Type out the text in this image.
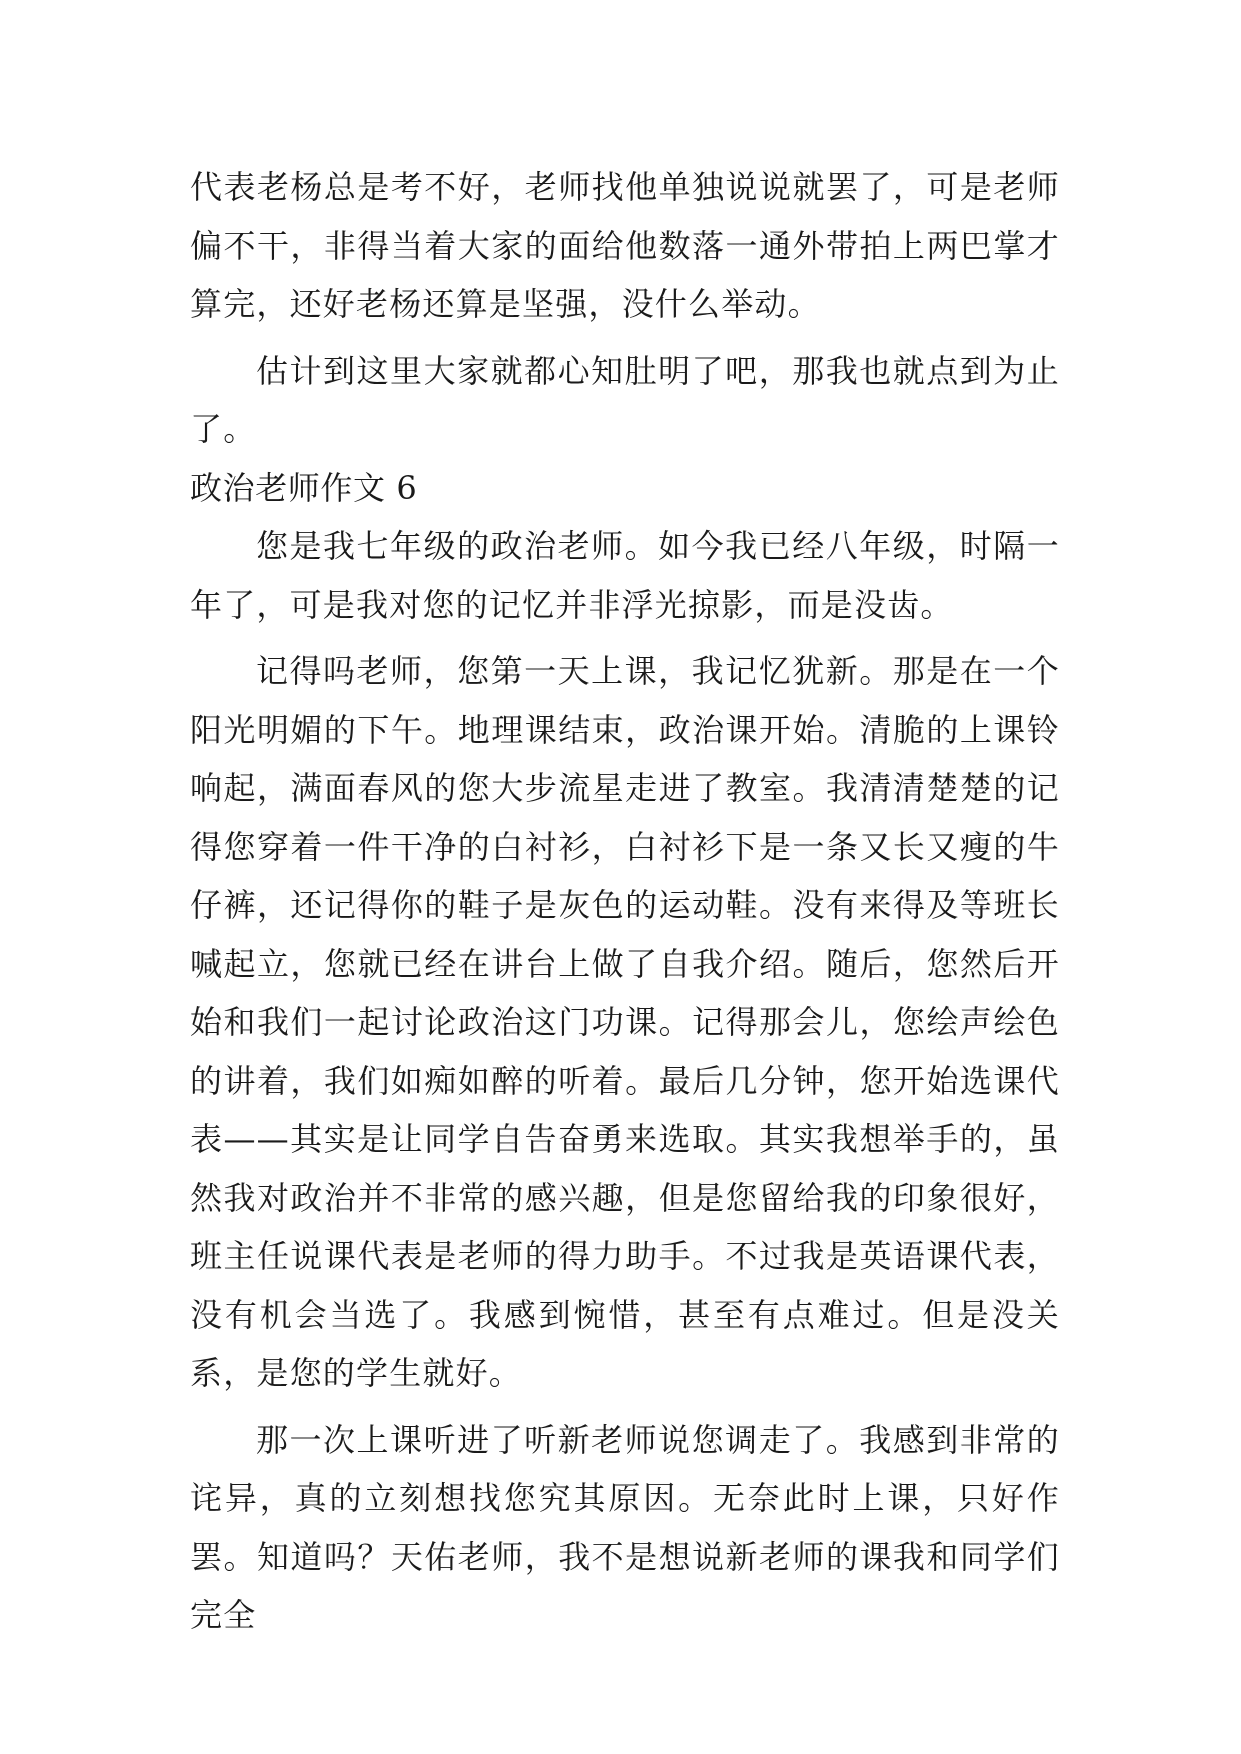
代表老杨总是考不好，老师找他单独说说就罢了，可是老师偏不干，非得当着大家的面给他数落一通外带拍上两巴掌才算完，还好老杨还算是坚强，没什么举动。

估计到这里大家就都心知肚明了吧，那我也就点到为止了。

政治老师作文 6

您是我七年级的政治老师。如今我已经八年级，时隔一年了，可是我对您的记忆并非浮光掠影，而是没齿。

记得吗老师，您第一天上课，我记忆犹新。那是在一个阳光明媚的下午。地理课结束，政治课开始。清脆的上课铃响起，满面春风的您大步流星走进了教室。我清清楚楚的记得您穿着一件干净的白衬衫，白衬衫下是一条又长又瘦的牛仔裤，还记得你的鞋子是灰色的运动鞋。没有来得及等班长喊起立，您就已经在讲台上做了自我介绍。随后，您然后开始和我们一起讨论政治这门功课。记得那会儿，您绘声绘色的讲着，我们如痴如醉的听着。最后几分钟，您开始选课代表——其实是让同学自告奋勇来选取。其实我想举手的，虽然我对政治并不非常的感兴趣，但是您留给我的印象很好，班主任说课代表是老师的得力助手。不过我是英语课代表，没有机会当选了。我感到惋惜，甚至有点难过。但是没关系，是您的学生就好。

那一次上课听进了听新老师说您调走了。我感到非常的诧异，真的立刻想找您究其原因。无奈此时上课，只好作罢。知道吗？天佑老师，我不是想说新老师的课我和同学们完全
